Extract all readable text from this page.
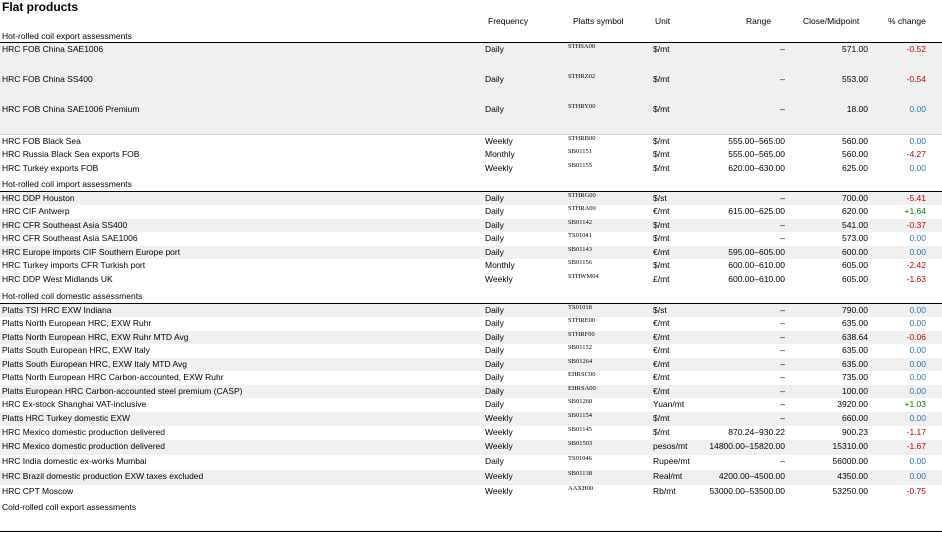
Flat products
Frequency	Platts symbol	Unit	Range	Close/Midpoint	% change
Hot-rolled coil export assessments
Hot-rolled coil import assessments
Hot-rolled coil domestic assessments
Cold-rolled coil export assessments
HRC FOB China SAE1006	Daily	STHSA00	$/mt	–	571.00	-0.52
HRC FOB China SS400	Daily	STHRZ02	$/mt	–	553.00	-0.54
HRC FOB China SAE1006 Premium	Daily	STHRY00	$/mt	–	18.00	0.00
HRC FOB Black Sea	Weekly	STHRB00	$/mt	555.00–565.00	560.00	0.00
HRC Russia Black Sea exports FOB	Monthly	SB01151	$/mt	555.00–565.00	560.00	-4.27
HRC Turkey exports FOB	Weekly	SB01155	$/mt	620.00–630.00	625.00	0.00
HRC DDP Houston	Daily	STHRG00	$/st	–	700.00	-5.41
HRC CIF Antwerp	Daily	STHRA00	€/mt	615.00–625.00	620.00	+1.64
HRC CFR Southeast Asia SS400	Daily	SB01142	$/mt	–	541.00	-0.37
HRC CFR Southeast Asia SAE1006	Daily	TS01041	$/mt	–	573.00	0.00
HRC Europe imports CIF Southern Europe port	Daily	SB01143	€/mt	595.00–605.00	600.00	0.00
HRC Turkey imports CFR Turkish port	Monthly	SB01156	$/mt	600.00–610.00	605.00	-2.42
HRC DDP West Midlands UK	Weekly	STHWM04	£/mt	600.00–610.00	605.00	-1.63
Platts TSI HRC EXW Indiana	Daily	TS01018	$/st	–	790.00	0.00
Platts North European HRC, EXW Ruhr	Daily	STHRE00	€/mt	–	635.00	0.00
Platts North European HRC, EXW Ruhr MTD Avg	Daily	STHRF00	€/mt	–	638.64	-0.06
Platts South European HRC, EXW Italy	Daily	SB01152	€/mt	–	635.00	0.00
Platts South European HRC, EXW Italy MTD Avg	Daily	SB01264	€/mt	–	635.00	0.00
Platts North European HRC Carbon-accounted, EXW Ruhr	Daily	EHRSC00	€/mt	–	735.00	0.00
Platts European HRC Carbon-accounted steel premium (CASP)	Daily	EHRSA00	€/mt	–	100.00	0.00
HRC Ex-stock Shanghai VAT-inclusive	Daily	SB01260	Yuan/mt	–	3920.00	+1.03
Platts HRC Turkey domestic EXW	Weekly	SB01154	$/mt	–	660.00	0.00
HRC Mexico domestic production delivered	Weekly	SB01145	$/mt	870.24–930.22	900.23	-1.17
HRC Mexico domestic production delivered	Weekly	SB01503	pesos/mt	14800.00–15820.00	15310.00	-1.67
HRC India domestic ex-works Mumbai	Daily	TS01046	Rupee/mt	–	56000.00	0.00
HRC Brazil domestic production EXW taxes excluded	Weekly	SB01138	Real/mt	4200.00–4500.00	4350.00	0.00
HRC CPT Moscow	Weekly	AAXH00	Rb/mt	53000.00–53500.00	53250.00	-0.75
